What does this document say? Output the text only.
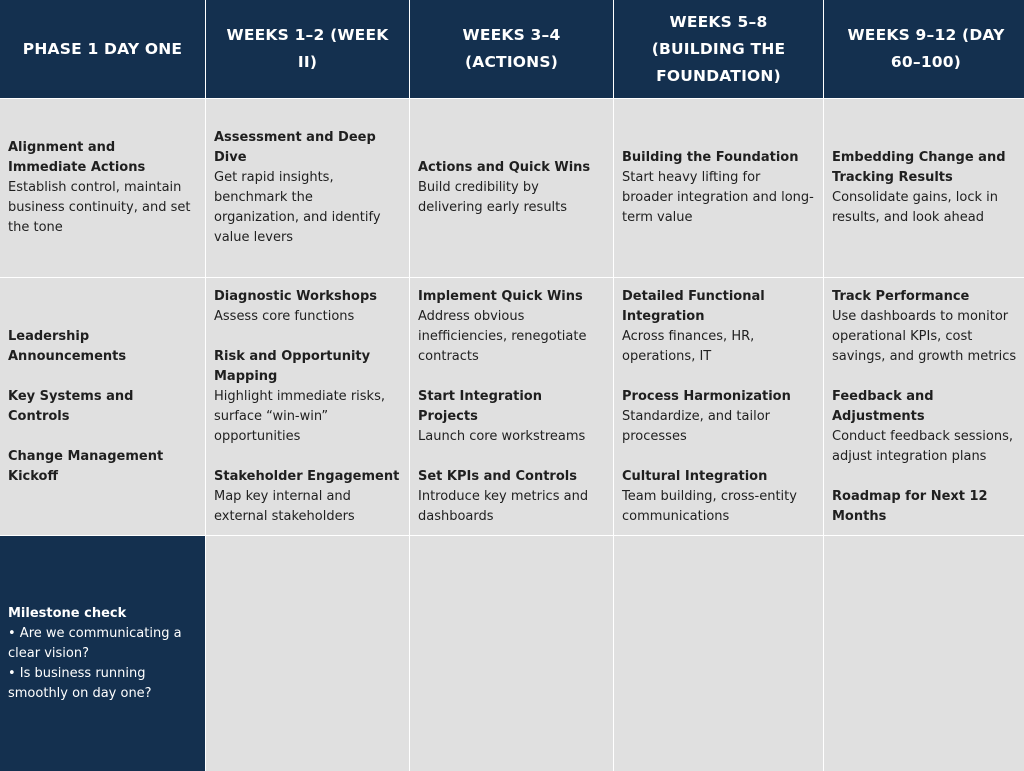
PHASE 1 DAY ONE
WEEKS 1–2 (WEEK II)
WEEKS 3–4 (ACTIONS)
WEEKS 5–8 (BUILDING THE FOUNDATION)
WEEKS 9–12 (DAY 60–100)
Alignment and Immediate Actions
Establish control, maintain business continuity, and set the tone
Assessment and Deep Dive
Get rapid insights, benchmark the organization, and identify value levers
Actions and Quick Wins
Build credibility by delivering early results
Building the Foundation
Start heavy lifting for broader integration and long-term value
Embedding Change and Tracking Results
Consolidate gains, lock in results, and look ahead
Leadership Announcements
Key Systems and Controls
Change Management Kickoff
Diagnostic Workshops
Assess core functions
Risk and Opportunity Mapping
Highlight immediate risks, surface “win-win” opportunities
Stakeholder Engagement
Map key internal and external stakeholders
Implement Quick Wins
Address obvious inefficiencies, renegotiate contracts
Start Integration Projects
Launch core workstreams
Set KPIs and Controls
Introduce key metrics and dashboards
Detailed Functional Integration
Across finances, HR, operations, IT
Process Harmonization
Standardize, and tailor processes
Cultural Integration
Team building, cross-entity communications
Track Performance
Use dashboards to monitor operational KPIs, cost savings, and growth metrics
Feedback and Adjustments
Conduct feedback sessions, adjust integration plans
Roadmap for Next 12 Months
Milestone check
• Are we communicating a clear vision?
• Is business running smoothly on day one?
